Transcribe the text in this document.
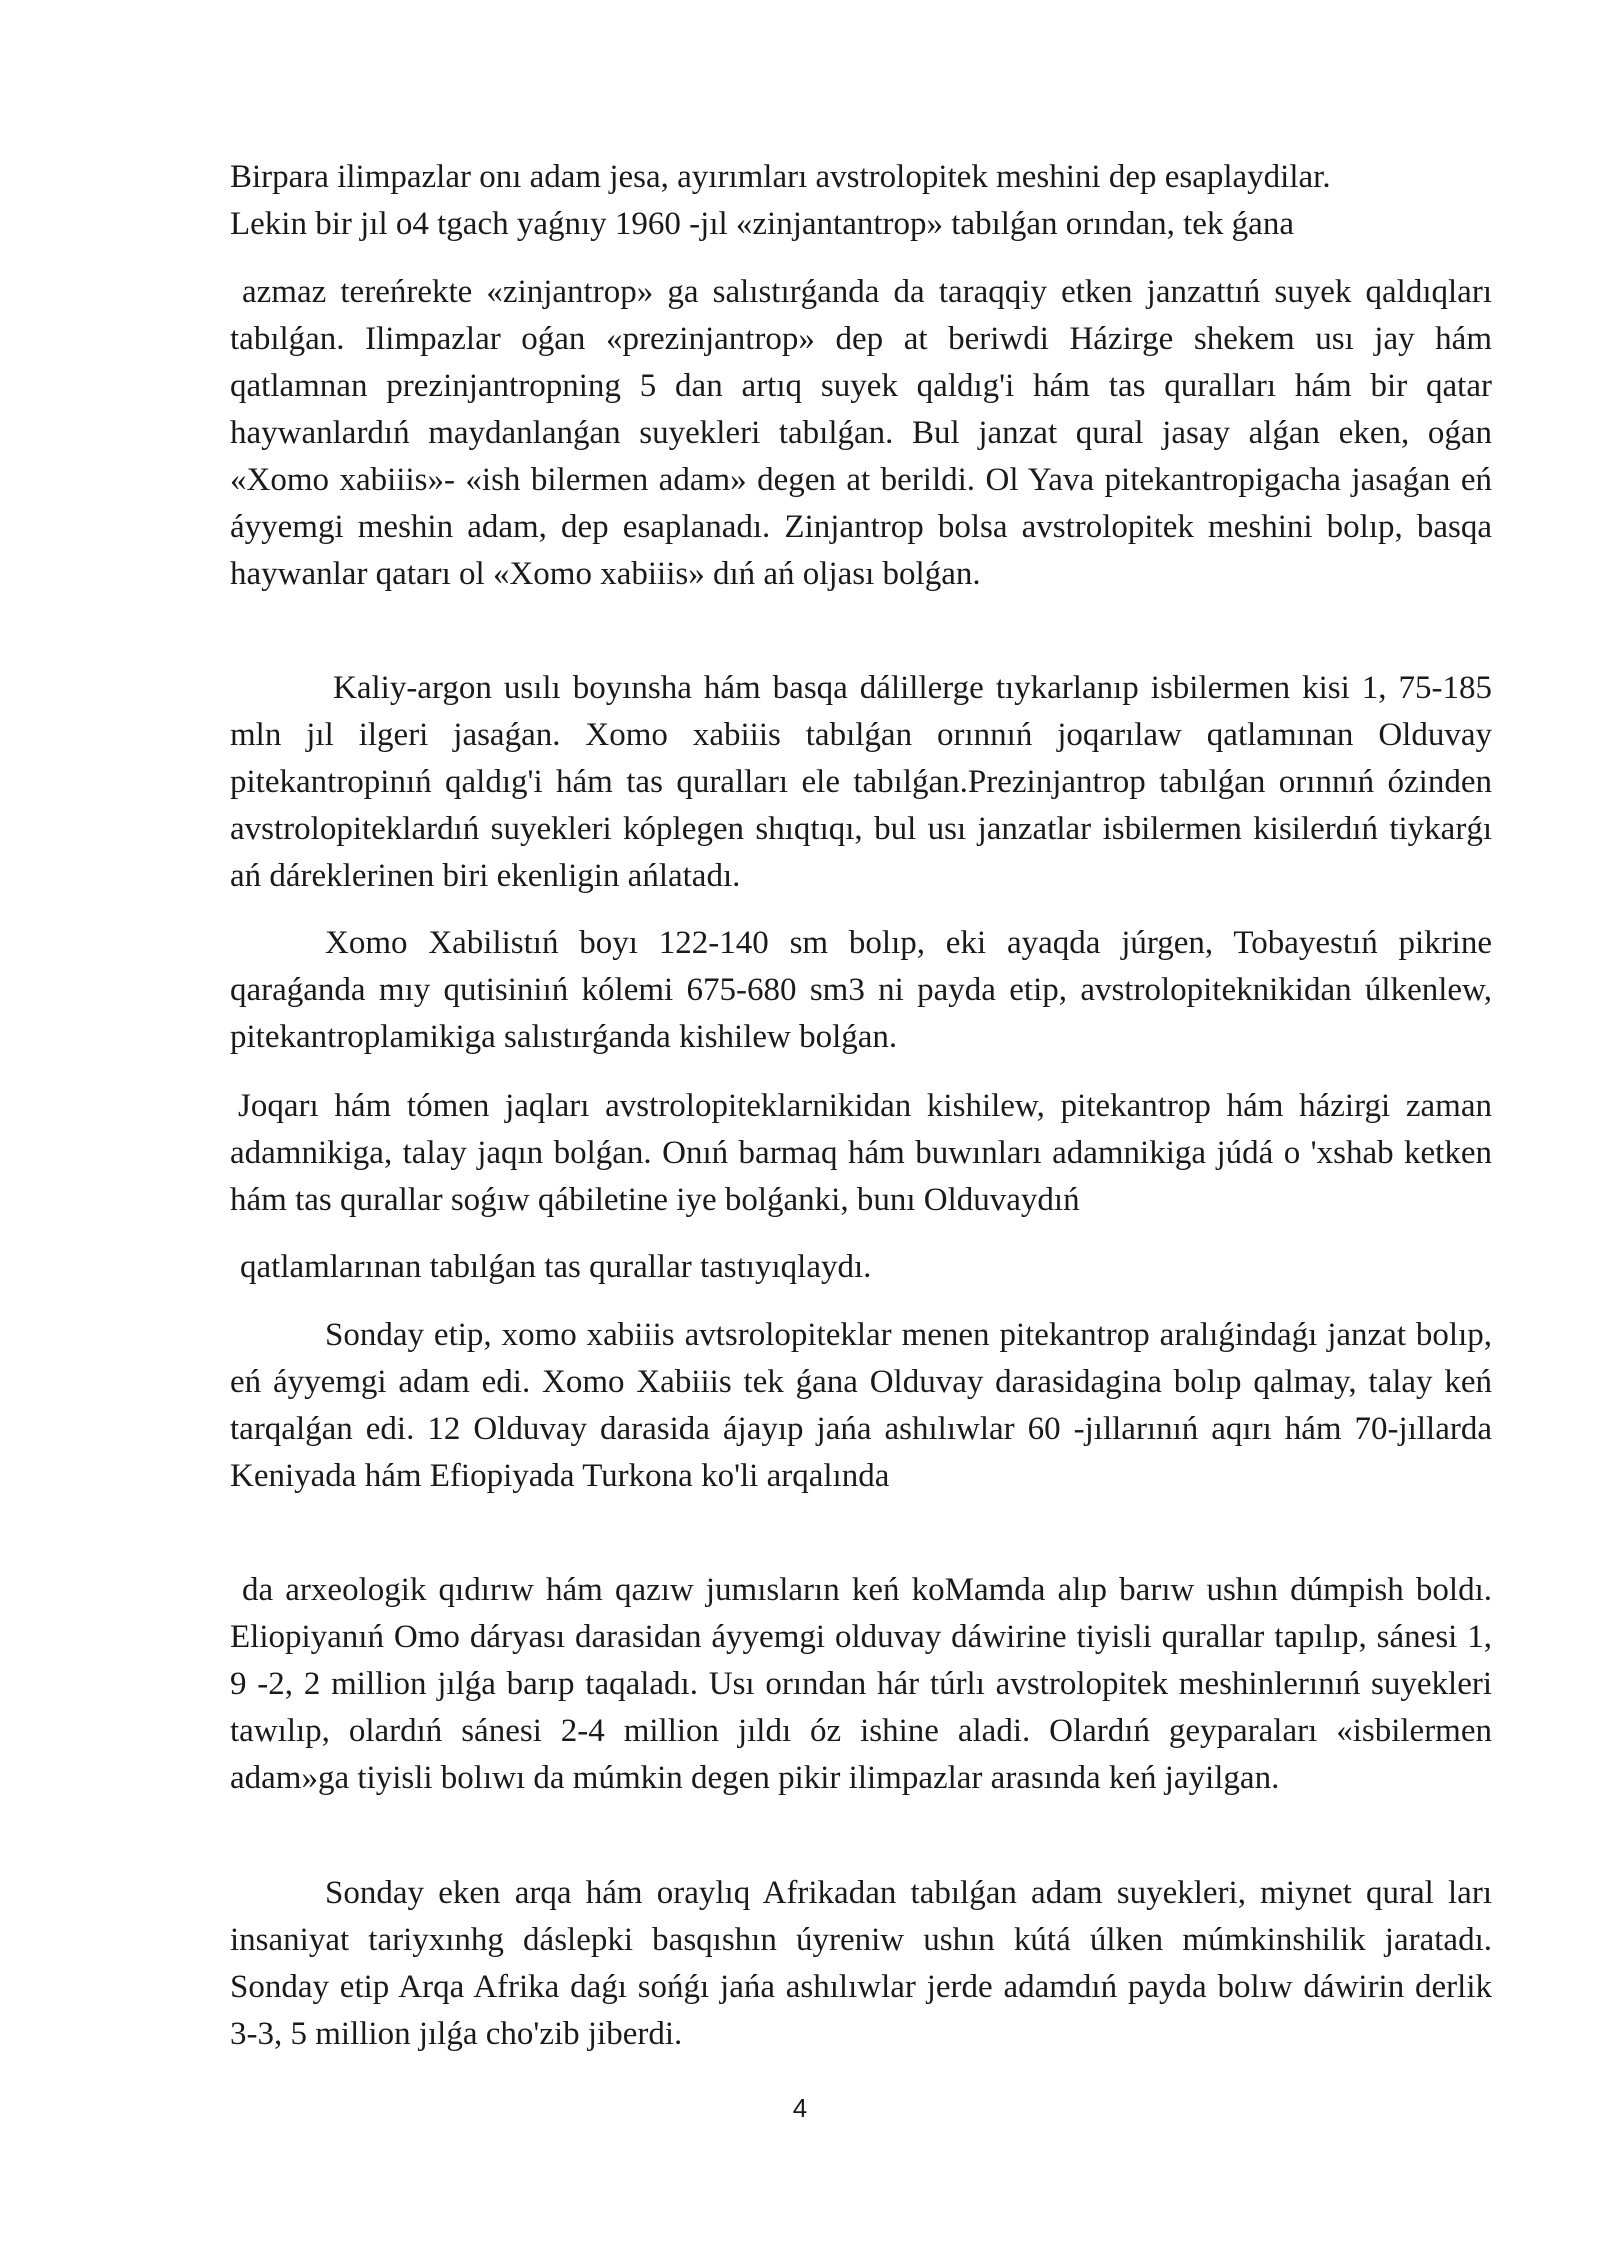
Birpara ilimpazlar onı adam jesa, ayırımları avstrolopitek meshini dep esaplaydilar.

Lekin bir jıl o4 tgach yaǵnıy 1960 -jıl «zinjantantrop» tabılǵan orından, tek ǵana

azmaz tereńrekte «zinjantrop» ga salıstırǵanda da taraqqiy etken janzattıń suyek qaldıqları tabılǵan. Ilimpazlar oǵan «prezinjantrop» dep at beriwdi Házirge shekem usı jay hám qatlamnan prezinjantropning 5 dan artıq suyek qaldıg'i hám tas quralları hám bir qatar haywanlardıń maydanlanǵan suyekleri tabılǵan. Bul janzat qural jasay alǵan eken, oǵan «Xomo xabiiis»- «ish bilermen adam» degen at berildi. Ol Yava pitekantropigacha jasaǵan eń áyyemgi meshin adam, dep esaplanadı. Zinjantrop bolsa avstrolopitek meshini bolıp, basqa haywanlar qatarı ol «Xomo xabiiis» dıń ań oljası bolǵan.

Kaliy-argon usılı boyınsha hám basqa dálillerge tıykarlanıp isbilermen kisi 1, 75-185 mln jıl ilgeri jasaǵan. Xomo xabiiis tabılǵan orınnıń joqarılaw qatlamınan Olduvay pitekantropinıń qaldıg'i hám tas quralları ele tabılǵan.Prezinjantrop tabılǵan orınnıń ózinden avstrolopiteklardıń suyekleri kóplegen shıqtıqı, bul usı janzatlar isbilermen kisilerdıń tiykarǵı ań dáreklerinen biri ekenligin ańlatadı.

Xomo Xabilistıń boyı 122-140 sm bolıp, eki ayaqda júrgen, Tobayestıń pikrine qaraǵanda mıy qutisiniıń kólemi 675-680 sm3 ni payda etip, avstrolopiteknikidan úlkenlew, pitekantroplamikiga salıstırǵanda kishilew bolǵan.

Joqarı hám tómen jaqları avstrolopiteklarnikidan kishilew, pitekantrop hám házirgi zaman adamnikiga, talay jaqın bolǵan. Onıń barmaq hám buwınları adamnikiga júdá o 'xshab ketken hám tas qurallar soǵıw qábiletine iye bolǵanki, bunı Olduvaydıń

qatlamlarınan tabılǵan tas qurallar tastıyıqlaydı.

Sonday etip, xomo xabiiis avtsrolopiteklar menen pitekantrop aralıǵindaǵı janzat bolıp, eń áyyemgi adam edi. Xomo Xabiiis tek ǵana Olduvay darasidagina bolıp qalmay, talay keń tarqalǵan edi. 12 Olduvay darasida ájayıp jańa ashılıwlar 60 -jıllarınıń aqırı hám 70-jıllarda Keniyada hám Efiopiyada Turkona ko'li arqalında

da arxeologik qıdırıw hám qazıw jumısların keń koMamda alıp barıw ushın dúmpish boldı. Eliopiyanıń Omo dáryası darasidan áyyemgi olduvay dáwirine tiyisli qurallar tapılıp, sánesi 1, 9 -2, 2 million jılǵa barıp taqaladı. Usı orından hár túrlı avstrolopitek meshinlerınıń suyekleri tawılıp, olardıń sánesi 2-4 million jıldı óz ishine aladi. Olardıń geyparaları «isbilermen adam»ga tiyisli bolıwı da múmkin degen pikir ilimpazlar arasında keń jayilgan.

Sonday eken arqa hám oraylıq Afrikadan tabılǵan adam suyekleri, miynet qural ları insaniyat tariyxınhg dáslepki basqıshın úyreniw ushın kútá úlken múmkinshilik jaratadı. Sonday etip Arqa Afrika daǵı sońǵı jańa ashılıwlar jerde adamdıń payda bolıw dáwirin derlik 3-3, 5 million jılǵa cho'zib jiberdi.

4
